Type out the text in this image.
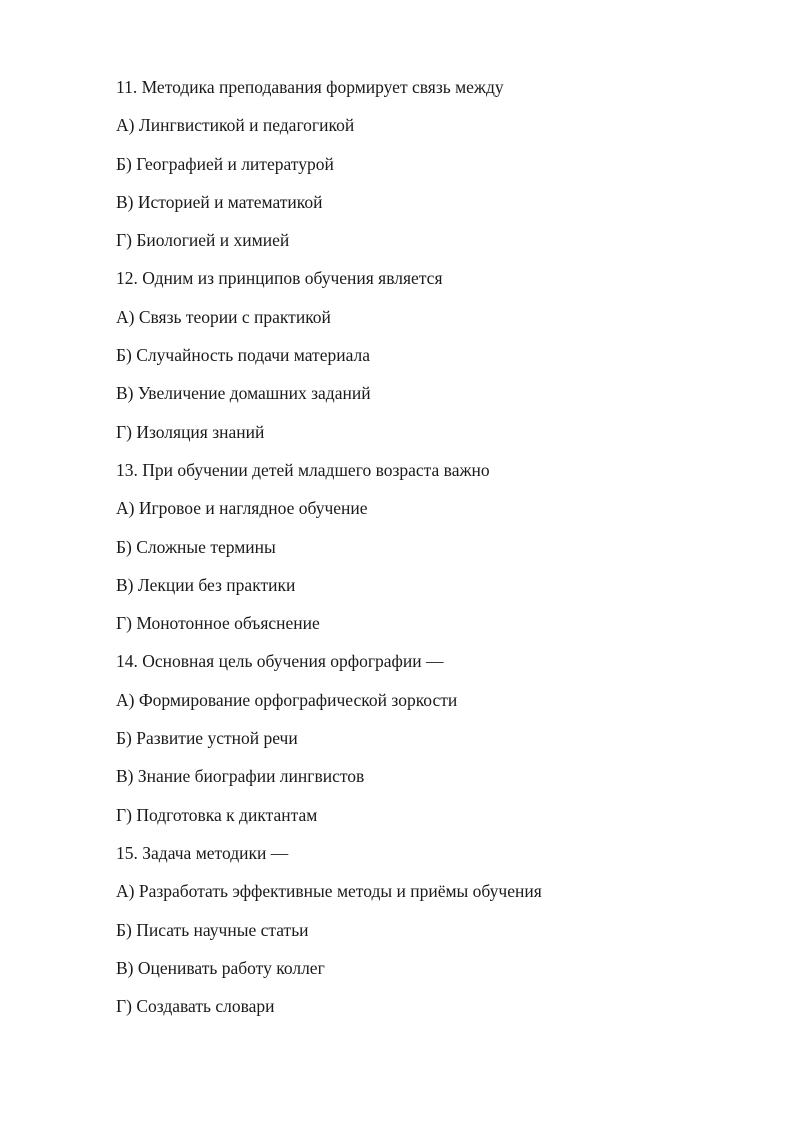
11. Методика преподавания формирует связь между
А) Лингвистикой и педагогикой
Б) Географией и литературой
В) Историей и математикой
Г) Биологией и химией
12. Одним из принципов обучения является
А) Связь теории с практикой
Б) Случайность подачи материала
В) Увеличение домашних заданий
Г) Изоляция знаний
13. При обучении детей младшего возраста важно
А) Игровое и наглядное обучение
Б) Сложные термины
В) Лекции без практики
Г) Монотонное объяснение
14. Основная цель обучения орфографии —
А) Формирование орфографической зоркости
Б) Развитие устной речи
В) Знание биографии лингвистов
Г) Подготовка к диктантам
15. Задача методики —
А) Разработать эффективные методы и приёмы обучения
Б) Писать научные статьи
В) Оценивать работу коллег
Г) Создавать словари
